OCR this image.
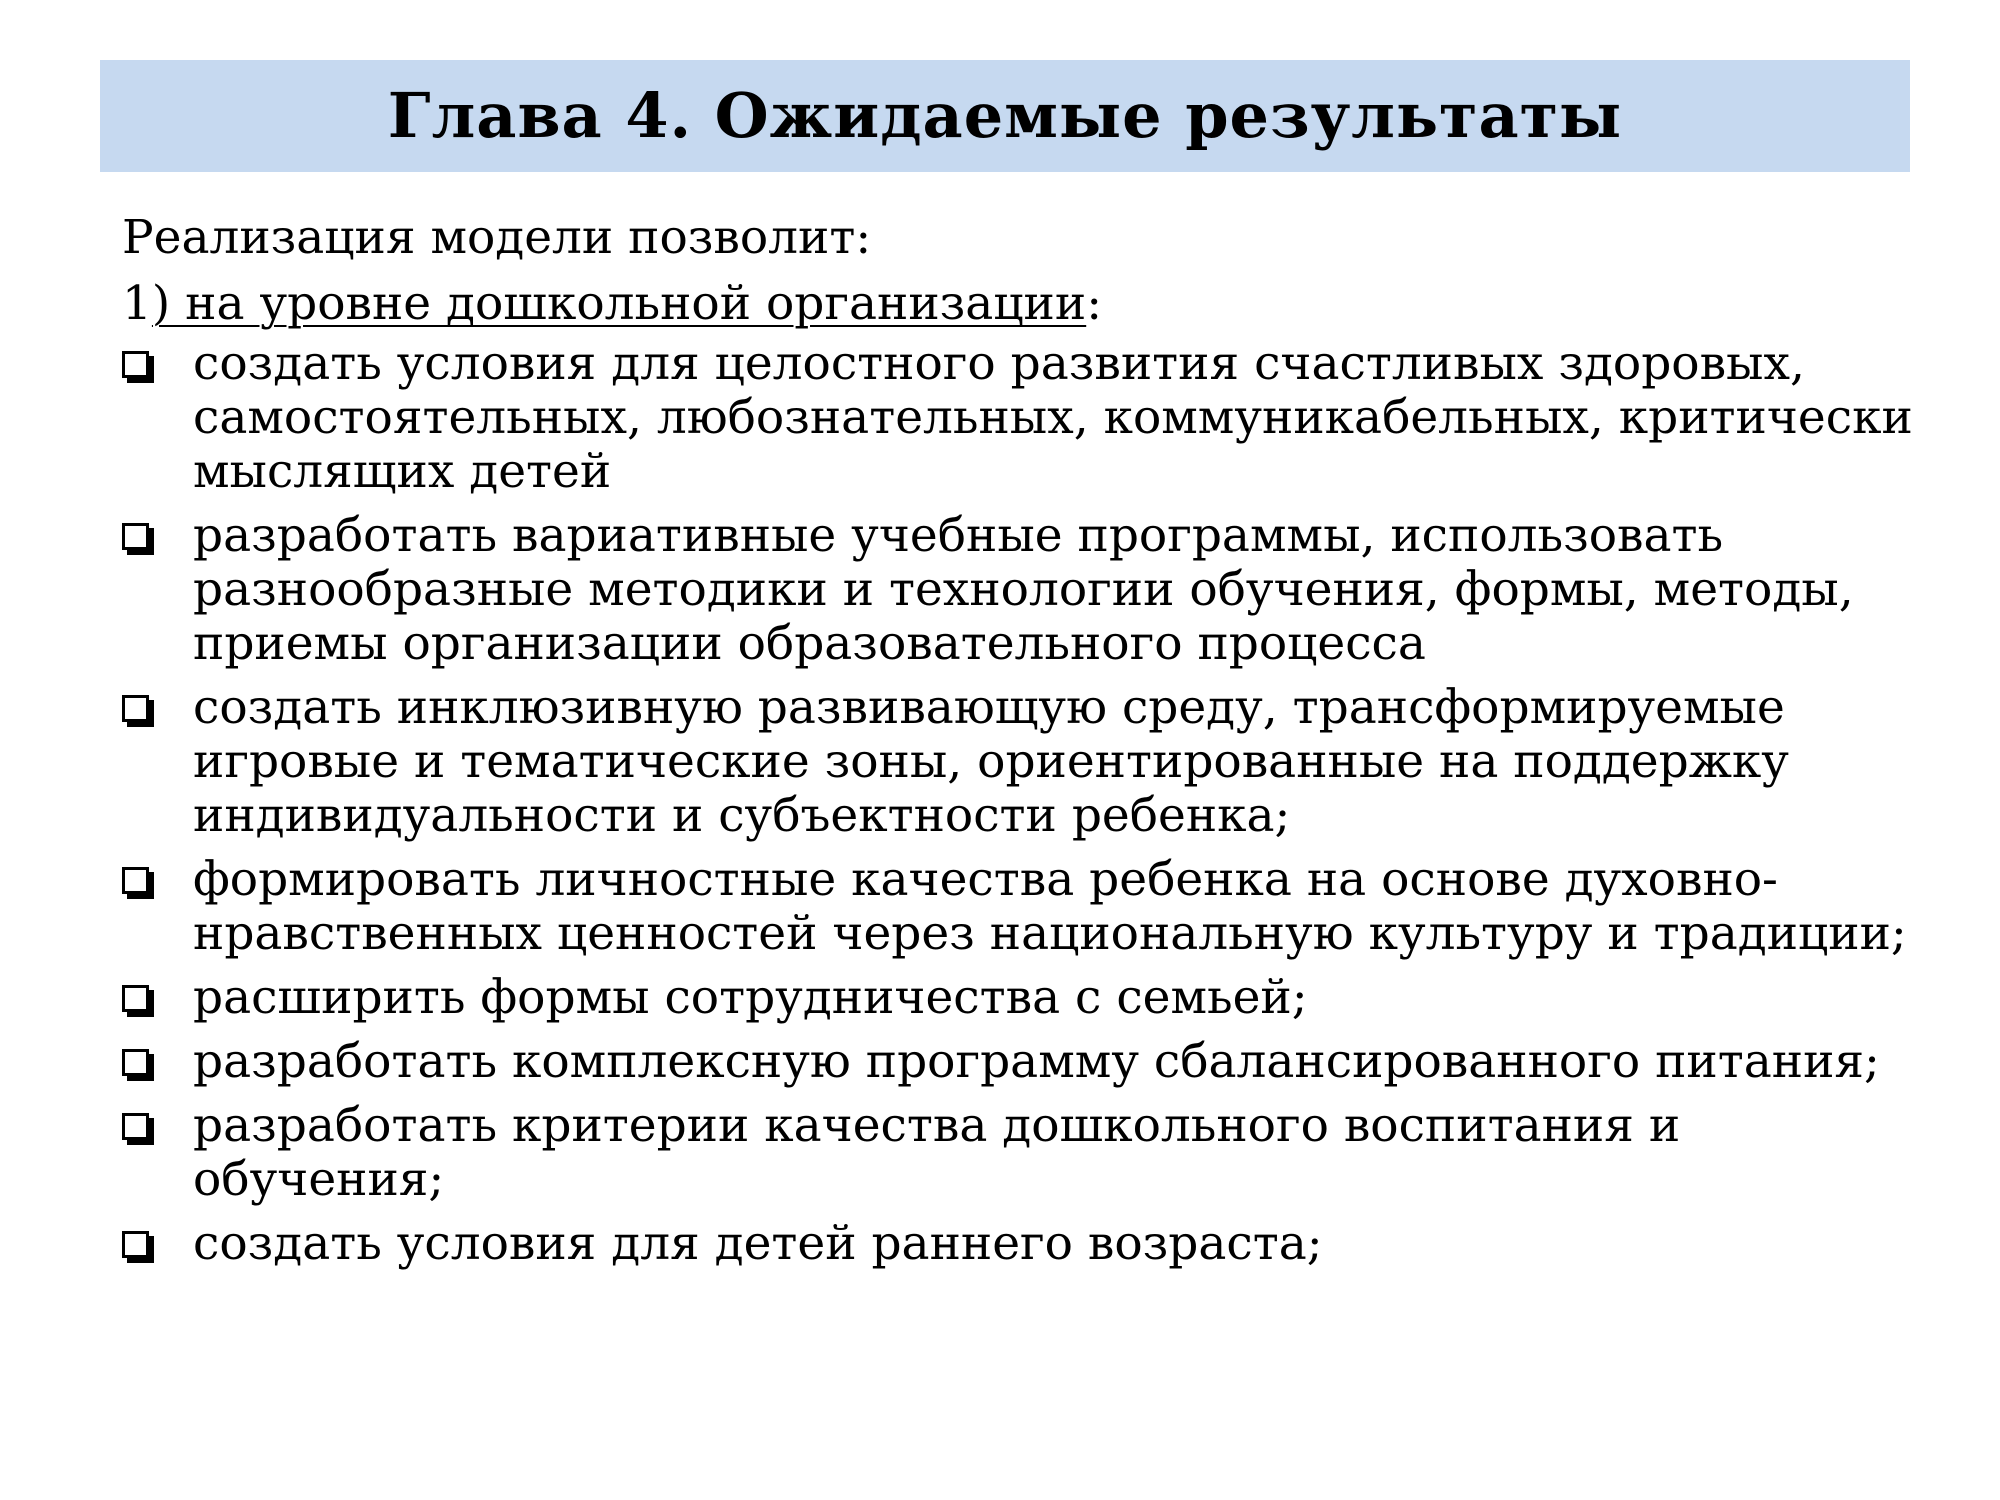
Глава 4. Ожидаемые результаты
Реализация модели позволит:
1) на уровне дошкольной организации:
создать условия для целостного развития счастливых здоровых, самостоятельных, любознательных, коммуникабельных, критически мыслящих детей
разработать вариативные учебные программы, использовать разнообразные методики и технологии обучения, формы, методы, приемы организации образовательного процесса
создать инклюзивную развивающую среду, трансформируемые игровые и тематические зоны, ориентированные на поддержку индивидуальности и субъектности ребенка;
формировать личностные качества ребенка на основе духовно-нравственных ценностей через национальную культуру и традиции;
расширить формы сотрудничества с семьей;
разработать комплексную программу сбалансированного питания;
разработать критерии качества дошкольного воспитания и обучения;
создать условия для детей раннего возраста;
